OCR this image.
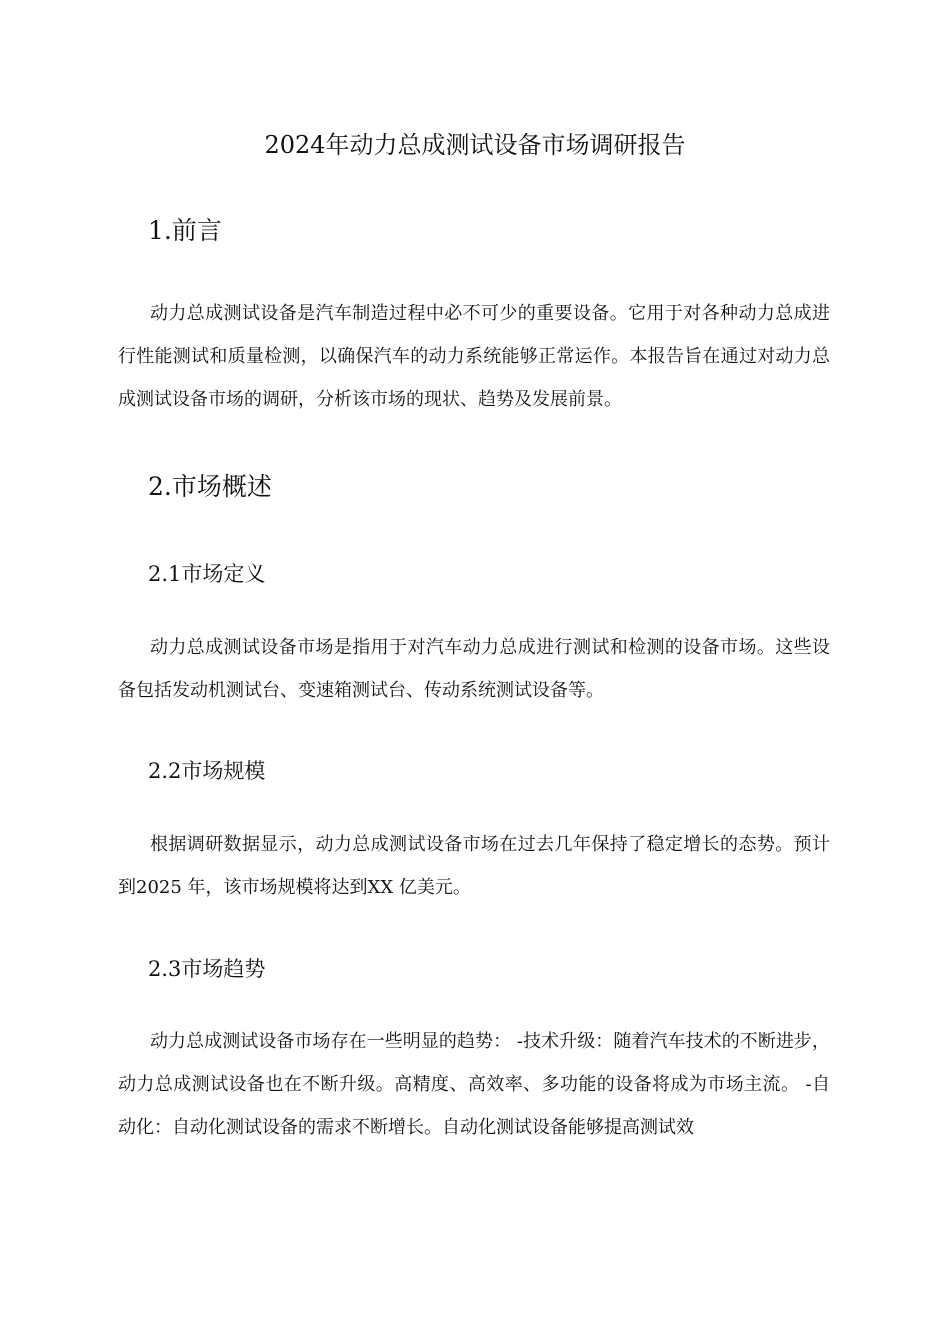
2024年动力总成测试设备市场调研报告
1.前言

动力总成测试设备是汽车制造过程中必不可少的重要设备。它用于对各种动力总成进行性能测试和质量检测，以确保汽车的动力系统能够正常运作。本报告旨在通过对动力总成测试设备市场的调研，分析该市场的现状、趋势及发展前景。

2.市场概述
2.1市场定义

动力总成测试设备市场是指用于对汽车动力总成进行测试和检测的设备市场。这些设备包括发动机测试台、变速箱测试台、传动系统测试设备等。

2.2市场规模

根据调研数据显示，动力总成测试设备市场在过去几年保持了稳定增长的态势。预计到2025 年，该市场规模将达到XX 亿美元。

2.3市场趋势

动力总成测试设备市场存在一些明显的趋势： -技术升级：随着汽车技术的不断进步，动力总成测试设备也在不断升级。高精度、高效率、多功能的设备将成为市场主流。 -自动化：自动化测试设备的需求不断增长。自动化测试设备能够提高测试效
